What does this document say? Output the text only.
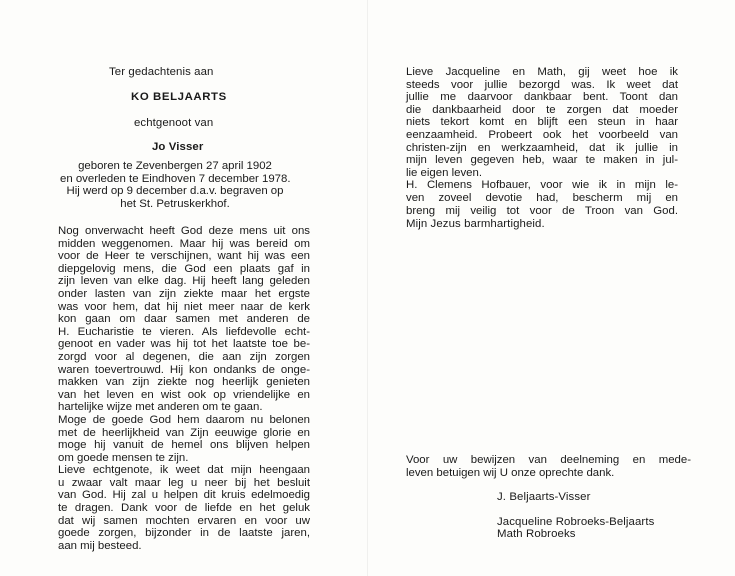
Ter gedachtenis aan
KO BELJAARTS
echtgenoot van
Jo Visser
geboren te Zevenbergen 27 april 1902
en overleden te Eindhoven 7 december 1978.
Hij werd op 9 december d.a.v. begraven op
het St. Petruskerkhof.
Nog onverwacht heeft God deze mens uit ons
midden weggenomen. Maar hij was bereid om
voor de Heer te verschijnen, want hij was een
diepgelovig mens, die God een plaats gaf in
zijn leven van elke dag. Hij heeft lang geleden
onder lasten van zijn ziekte maar het ergste
was voor hem, dat hij niet meer naar de kerk
kon gaan om daar samen met anderen de
H. Eucharistie te vieren. Als liefdevolle echt-
genoot en vader was hij tot het laatste toe be-
zorgd voor al degenen, die aan zijn zorgen
waren toevertrouwd. Hij kon ondanks de onge-
makken van zijn ziekte nog heerlijk genieten
van het leven en wist ook op vriendelijke en
hartelijke wijze met anderen om te gaan.
Moge de goede God hem daarom nu belonen
met de heerlijkheid van Zijn eeuwige glorie en
moge hij vanuit de hemel ons blijven helpen
om goede mensen te zijn.
Lieve echtgenote, ik weet dat mijn heengaan
u zwaar valt maar leg u neer bij het besluit
van God. Hij zal u helpen dit kruis edelmoedig
te dragen. Dank voor de liefde en het geluk
dat wij samen mochten ervaren en voor uw
goede zorgen, bijzonder in de laatste jaren,
aan mij besteed.
Lieve Jacqueline en Math, gij weet hoe ik
steeds voor jullie bezorgd was. Ik weet dat
jullie me daarvoor dankbaar bent. Toont dan
die dankbaarheid door te zorgen dat moeder
niets tekort komt en blijft een steun in haar
eenzaamheid. Probeert ook het voorbeeld van
christen-zijn en werkzaamheid, dat ik jullie in
mijn leven gegeven heb, waar te maken in jul-
lie eigen leven.
H. Clemens Hofbauer, voor wie ik in mijn le-
ven zoveel devotie had, bescherm mij en
breng mij veilig tot voor de Troon van God.
Mijn Jezus barmhartigheid.
Voor uw bewijzen van deelneming en mede-
leven betuigen wij U onze oprechte dank.
J. Beljaarts-Visser
Jacqueline Robroeks-Beljaarts
Math Robroeks
